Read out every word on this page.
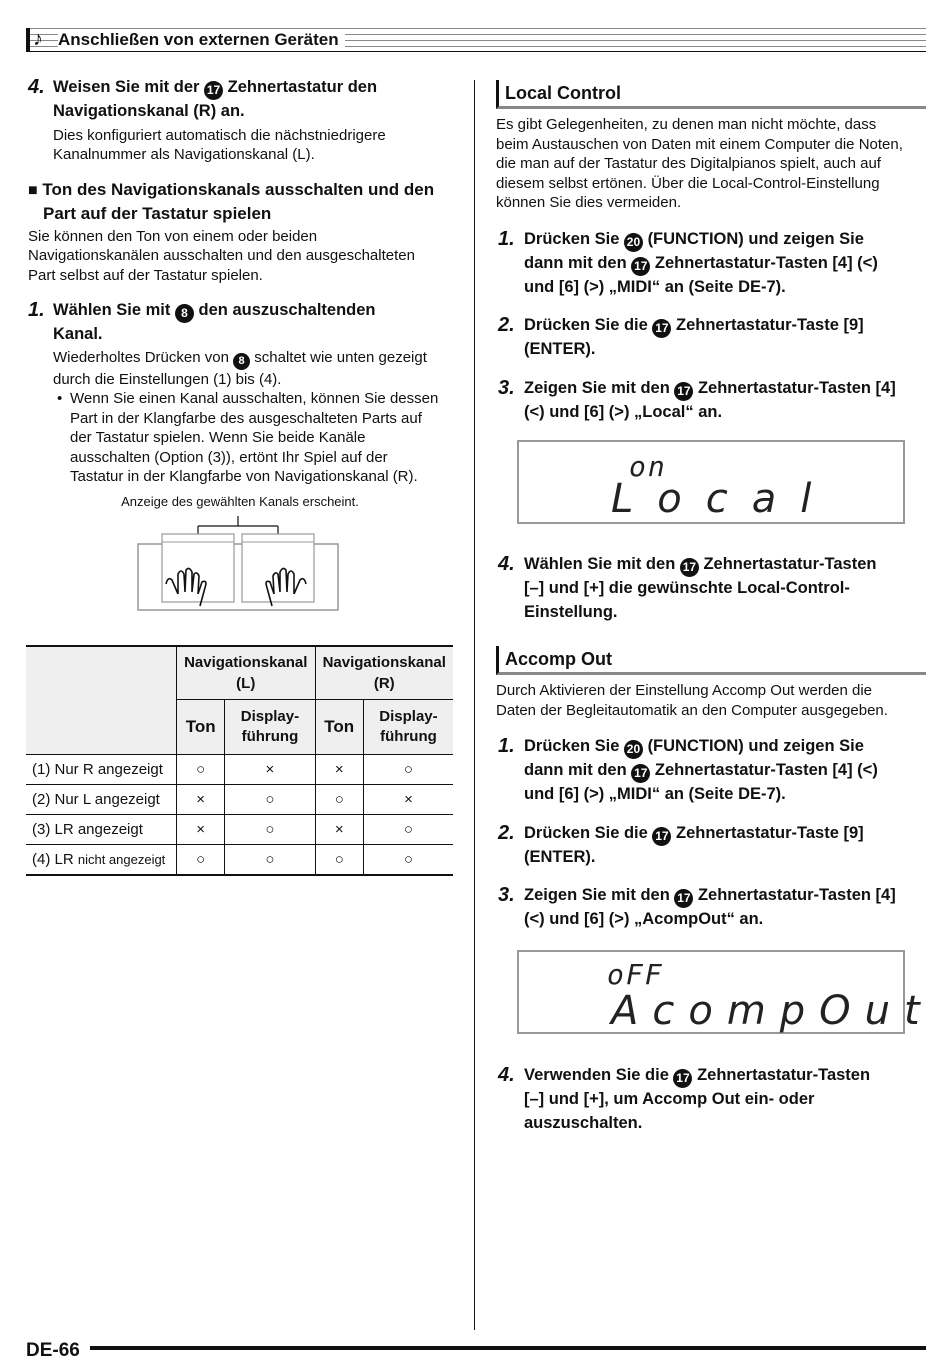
♪ Anschließen von externen Geräten
4. Weisen Sie mit der 17 Zehnertastatur den
Navigationskanal (R) an.
Dies konfiguriert automatisch die nächstniedrigere
Kanalnummer als Navigationskanal (L).
■ Ton des Navigationskanals ausschalten und den
Part auf der Tastatur spielen
Sie können den Ton von einem oder beiden
Navigationskanälen ausschalten und den ausgeschalteten
Part selbst auf der Tastatur spielen.
1. Wählen Sie mit 8 den auszuschaltenden
Kanal.
Wiederholtes Drücken von 8 schaltet wie unten gezeigt
durch die Einstellungen (1) bis (4).
• Wenn Sie einen Kanal ausschalten, können Sie dessen
Part in der Klangfarbe des ausgeschalteten Parts auf
der Tastatur spielen. Wenn Sie beide Kanäle
ausschalten (Option (3)), ertönt Ihr Spiel auf der
Tastatur in der Klangfarbe von Navigationskanal (R).
Anzeige des gewählten Kanals erscheint.
	Navigationskanal
(L)		Navigationskanal
(R)	
	Ton	Display-
führung	Ton	Display-
führung
(1) Nur R angezeigt	○	×	×	○
(2) Nur L angezeigt	×	○	○	×
(3) LR angezeigt	×	○	×	○
(4) LR nicht angezeigt	○	○	○	○
Local Control
Es gibt Gelegenheiten, zu denen man nicht möchte, dass
beim Austauschen von Daten mit einem Computer die Noten,
die man auf der Tastatur des Digitalpianos spielt, auch auf
diesem selbst ertönen. Über die Local-Control-Einstellung
können Sie dies vermeiden.
1. Drücken Sie 20 (FUNCTION) und zeigen Sie
dann mit den 17 Zehnertastatur-Tasten [4] (<)
und [6] (>) „MIDI“ an (Seite DE-7).
2. Drücken Sie die 17 Zehnertastatur-Taste [9]
(ENTER).
3. Zeigen Sie mit den 17 Zehnertastatur-Tasten [4]
(<) und [6] (>) „Local“ an.
on
Local
4. Wählen Sie mit den 17 Zehnertastatur-Tasten
[–] und [+] die gewünschte Local-Control-
Einstellung.
Accomp Out
Durch Aktivieren der Einstellung Accomp Out werden die
Daten der Begleitautomatik an den Computer ausgegeben.
1. Drücken Sie 20 (FUNCTION) und zeigen Sie
dann mit den 17 Zehnertastatur-Tasten [4] (<)
und [6] (>) „MIDI“ an (Seite DE-7).
2. Drücken Sie die 17 Zehnertastatur-Taste [9]
(ENTER).
3. Zeigen Sie mit den 17 Zehnertastatur-Tasten [4]
(<) und [6] (>) „AcompOut“ an.
oFF
AcompOut
4. Verwenden Sie die 17 Zehnertastatur-Tasten
[–] und [+], um Accomp Out ein- oder
auszuschalten.
DE-66
